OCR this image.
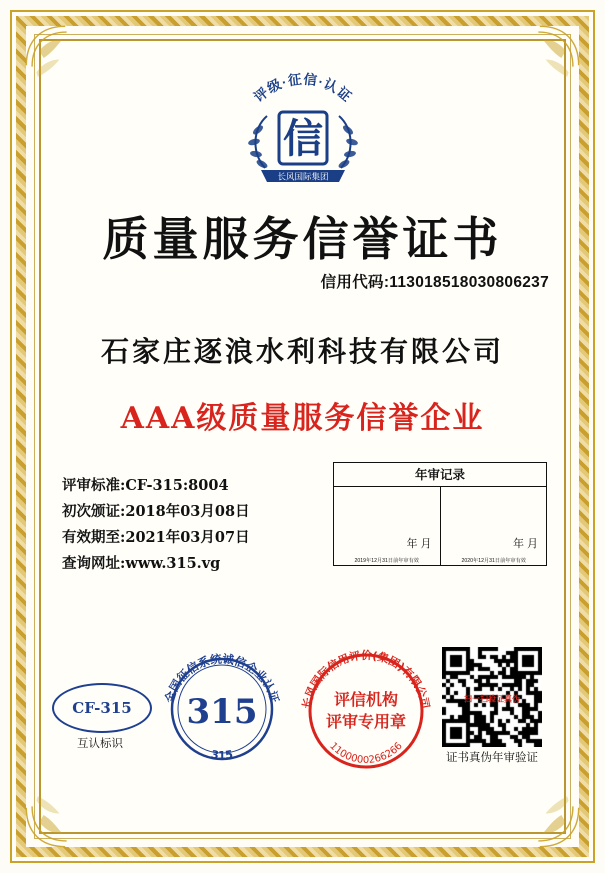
评级·征信·认证
信
长风国际集团
质量服务信誉证书
信用代码:113018518030806237
石家庄逐浪水利科技有限公司
AAA级质量服务信誉企业
评审标准:CF-315:8004
初次颁证:2018年03月08日
有效期至:2021年03月07日
查询网址:www.315.vg
年审记录
年 月
2019年12月31日前年审有效
年 月
2020年12月31日前年审有效
CF-315
互认标识
全国征信系统诚信企业认证
315
315	长风国际信用评价(集团)有限公司
评信机构
评审专用章
1100000266266
扫一扫验证真伪
证书真伪年审验证
